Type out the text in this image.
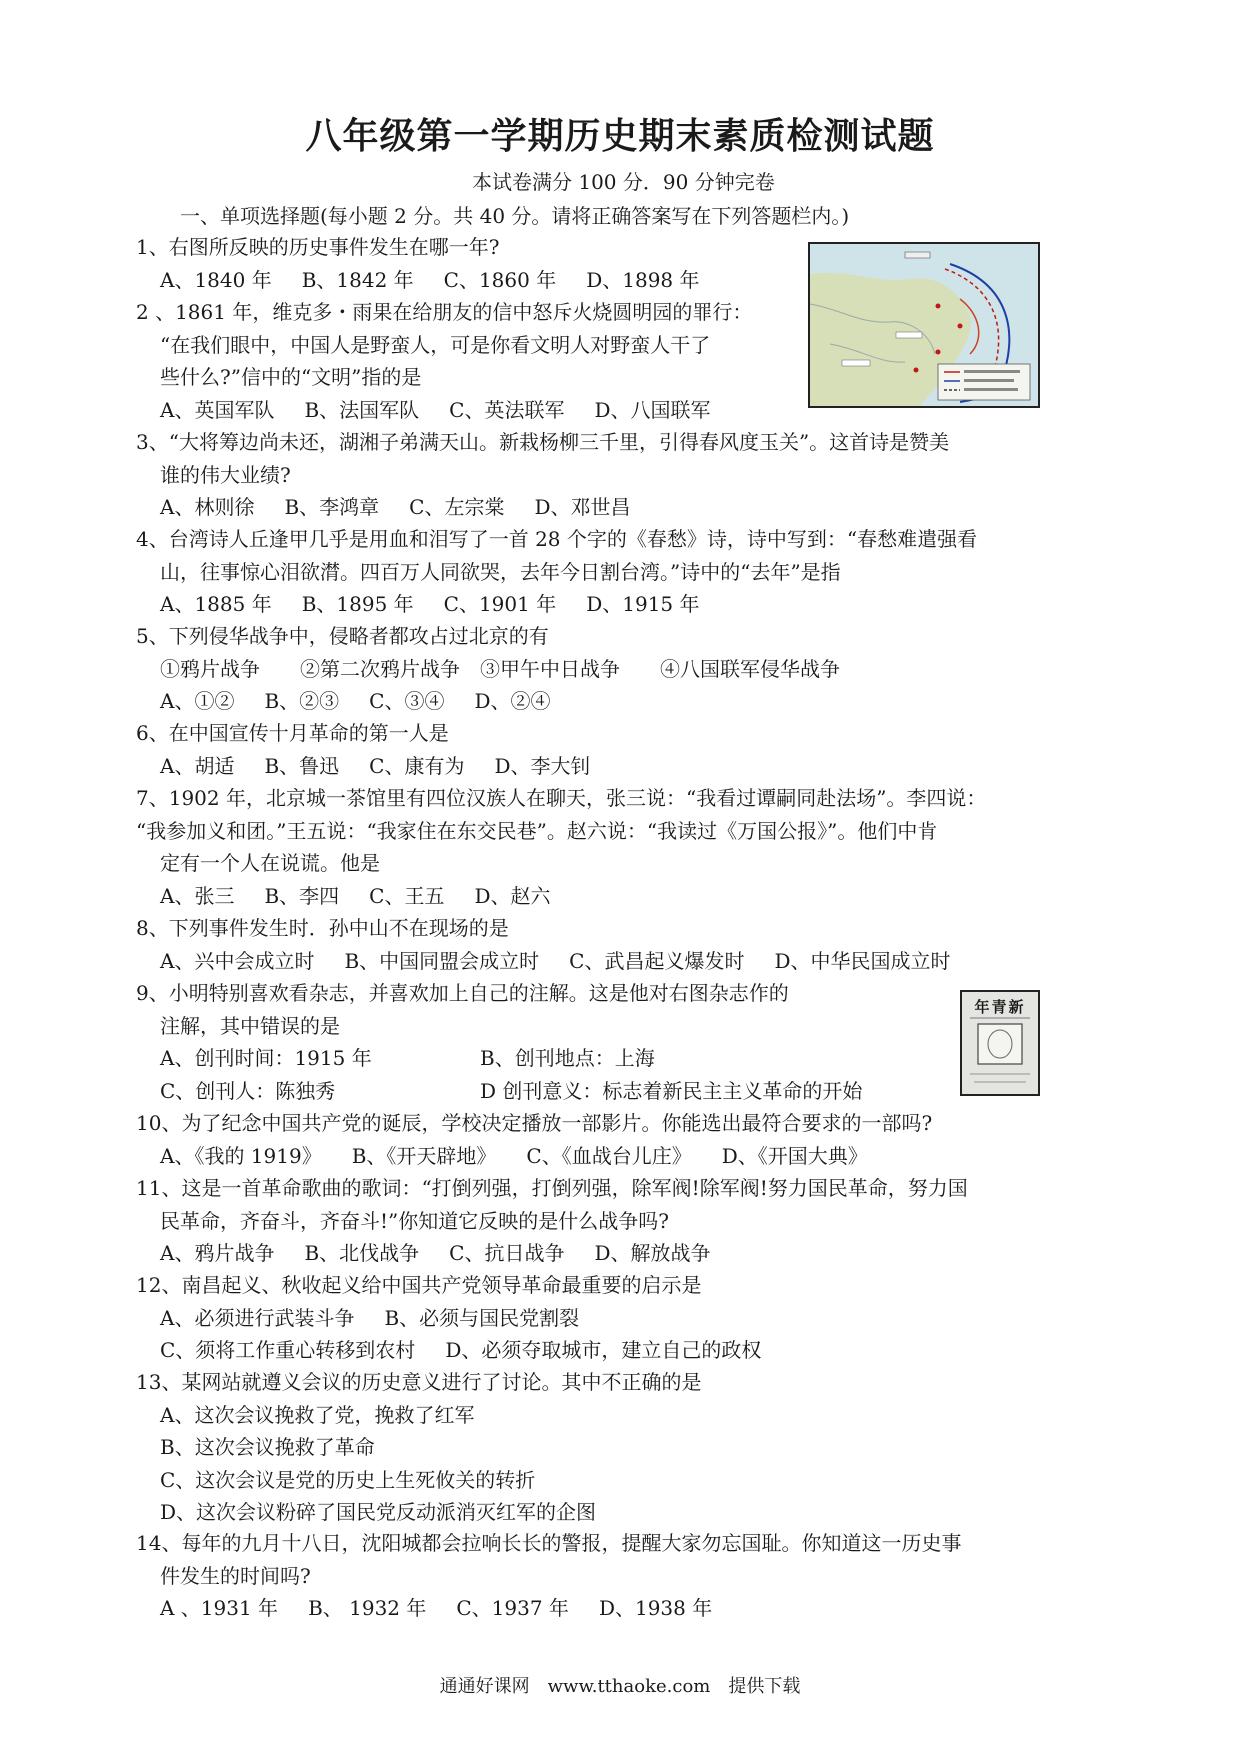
八年级第一学期历史期末素质检测试题
本试卷满分 100 分．90 分钟完卷
一、单项选择题(每小题 2 分。共 40 分。请将正确答案写在下列答题栏内。)
1、右图所反映的历史事件发生在哪一年?
A、1840 年 B、1842 年 C、1860 年 D、1898 年
2 、1861 年，维克多・雨果在给朋友的信中怒斥火烧圆明园的罪行：
“在我们眼中，中国人是野蛮人，可是你看文明人对野蛮人干了
些什么?”信中的“文明”指的是
A、英国军队 B、法国军队 C、英法联军 D、八国联军
3、“大将筹边尚未还，湖湘子弟满天山。新栽杨柳三千里，引得春风度玉关”。这首诗是赞美
谁的伟大业绩?
A、林则徐 B、李鸿章 C、左宗棠 D、邓世昌
4、台湾诗人丘逢甲几乎是用血和泪写了一首 28 个字的《春愁》诗，诗中写到：“春愁难遣强看
山，往事惊心泪欲潸。四百万人同欲哭，去年今日割台湾。”诗中的“去年”是指
A、1885 年 B、1895 年 C、1901 年 D、1915 年
5、下列侵华战争中，侵略者都攻占过北京的有
①鸦片战争　　②第二次鸦片战争　③甲午中日战争　　④八国联军侵华战争
A、①② B、②③ C、③④ D、②④
6、在中国宣传十月革命的第一人是
A、胡适 B、鲁迅 C、康有为 D、李大钊
7、1902 年，北京城一茶馆里有四位汉族人在聊天，张三说：“我看过谭嗣同赴法场”。李四说：
“我参加义和团。”王五说：“我家住在东交民巷”。赵六说：“我读过《万国公报》”。他们中肯
定有一个人在说谎。他是
A、张三 B、李四 C、王五 D、赵六
8、下列事件发生时．孙中山不在现场的是
A、兴中会成立时 B、中国同盟会成立时 C、武昌起义爆发时 D、中华民国成立时
9、小明特别喜欢看杂志，并喜欢加上自己的注解。这是他对右图杂志作的
注解，其中错误的是
A、创刊时间：1915 年	B、创刊地点：上海
C、创刊人：陈独秀	D 创刊意义：标志着新民主主义革命的开始
10、为了纪念中国共产党的诞辰，学校决定播放一部影片。你能选出最符合要求的一部吗?
A、《我的 1919》 B、《开天辟地》 C、《血战台儿庄》 D、《开国大典》
11、这是一首革命歌曲的歌词：“打倒列强，打倒列强，除军阀!除军阀!努力国民革命，努力国
民革命，齐奋斗，齐奋斗!”你知道它反映的是什么战争吗?
A、鸦片战争 B、北伐战争 C、抗日战争 D、解放战争
12、南昌起义、秋收起义给中国共产党领导革命最重要的启示是
A、必须进行武装斗争 B、必须与国民党割裂
C、须将工作重心转移到农村 D、必须夺取城市，建立自己的政权
13、某网站就遵义会议的历史意义进行了讨论。其中不正确的是
A、这次会议挽救了党，挽救了红军
B、这次会议挽救了革命
C、这次会议是党的历史上生死攸关的转折
D、这次会议粉碎了国民党反动派消灭红军的企图
14、每年的九月十八日，沈阳城都会拉响长长的警报，提醒大家勿忘国耻。你知道这一历史事
件发生的时间吗?
A 、1931 年 B、 1932 年 C、1937 年 D、1938 年
年青新
通通好课网　www.tthaoke.com　提供下载
